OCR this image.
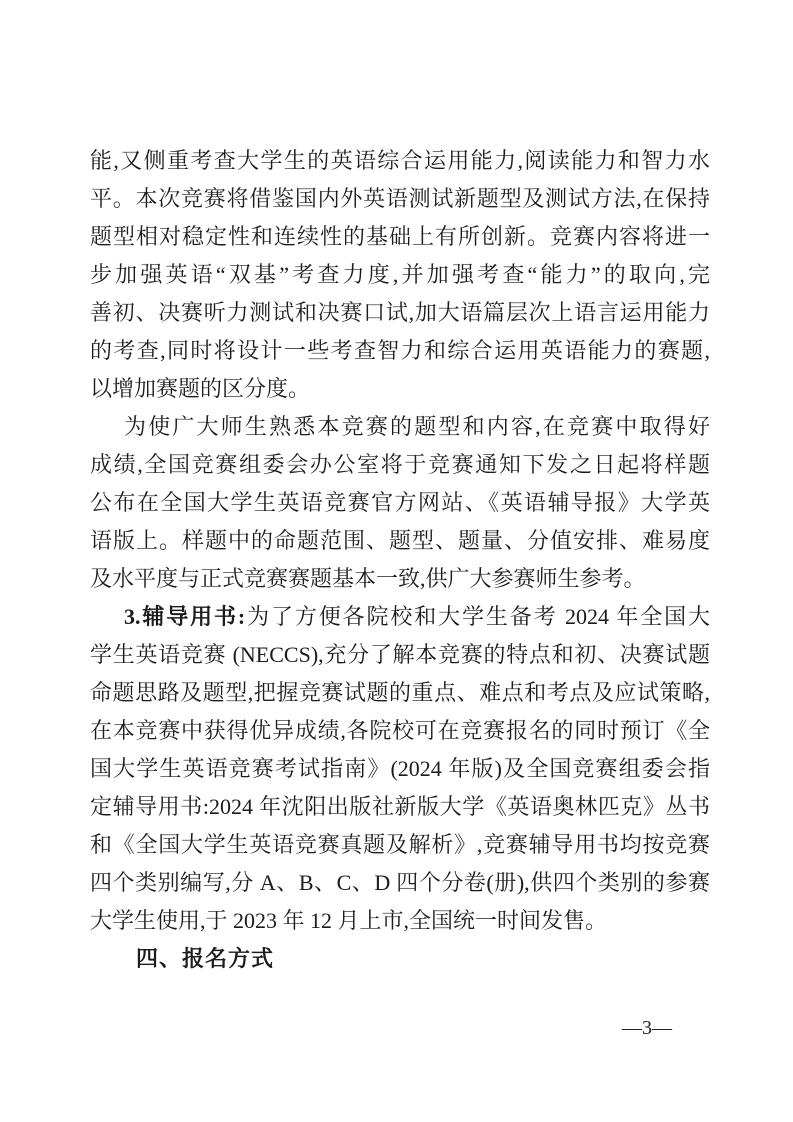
能,又侧重考查大学生的英语综合运用能力,阅读能力和智力水
平。本次竞赛将借鉴国内外英语测试新题型及测试方法,在保持
题型相对稳定性和连续性的基础上有所创新。竞赛内容将进一
步加强英语“双基”考查力度,并加强考查“能力”的取向,完
善初、决赛听力测试和决赛口试,加大语篇层次上语言运用能力
的考查,同时将设计一些考查智力和综合运用英语能力的赛题,
以增加赛题的区分度。
为使广大师生熟悉本竞赛的题型和内容,在竞赛中取得好
成绩,全国竞赛组委会办公室将于竞赛通知下发之日起将样题
公布在全国大学生英语竞赛官方网站、《英语辅导报》大学英
语版上。样题中的命题范围、题型、题量、分值安排、难易度
及水平度与正式竞赛赛题基本一致,供广大参赛师生参考。
3.辅导用书:为了方便各院校和大学生备考 2024 年全国大
学生英语竞赛 (NECCS),充分了解本竞赛的特点和初、决赛试题
命题思路及题型,把握竞赛试题的重点、难点和考点及应试策略,
在本竞赛中获得优异成绩,各院校可在竞赛报名的同时预订《全
国大学生英语竞赛考试指南》(2024 年版)及全国竞赛组委会指
定辅导用书:2024 年沈阳出版社新版大学《英语奥林匹克》丛书
和《全国大学生英语竞赛真题及解析》,竞赛辅导用书均按竞赛
四个类别编写,分 A、B、C、D 四个分卷(册),供四个类别的参赛
大学生使用,于 2023 年 12 月上市,全国统一时间发售。
四、报名方式
—3—
